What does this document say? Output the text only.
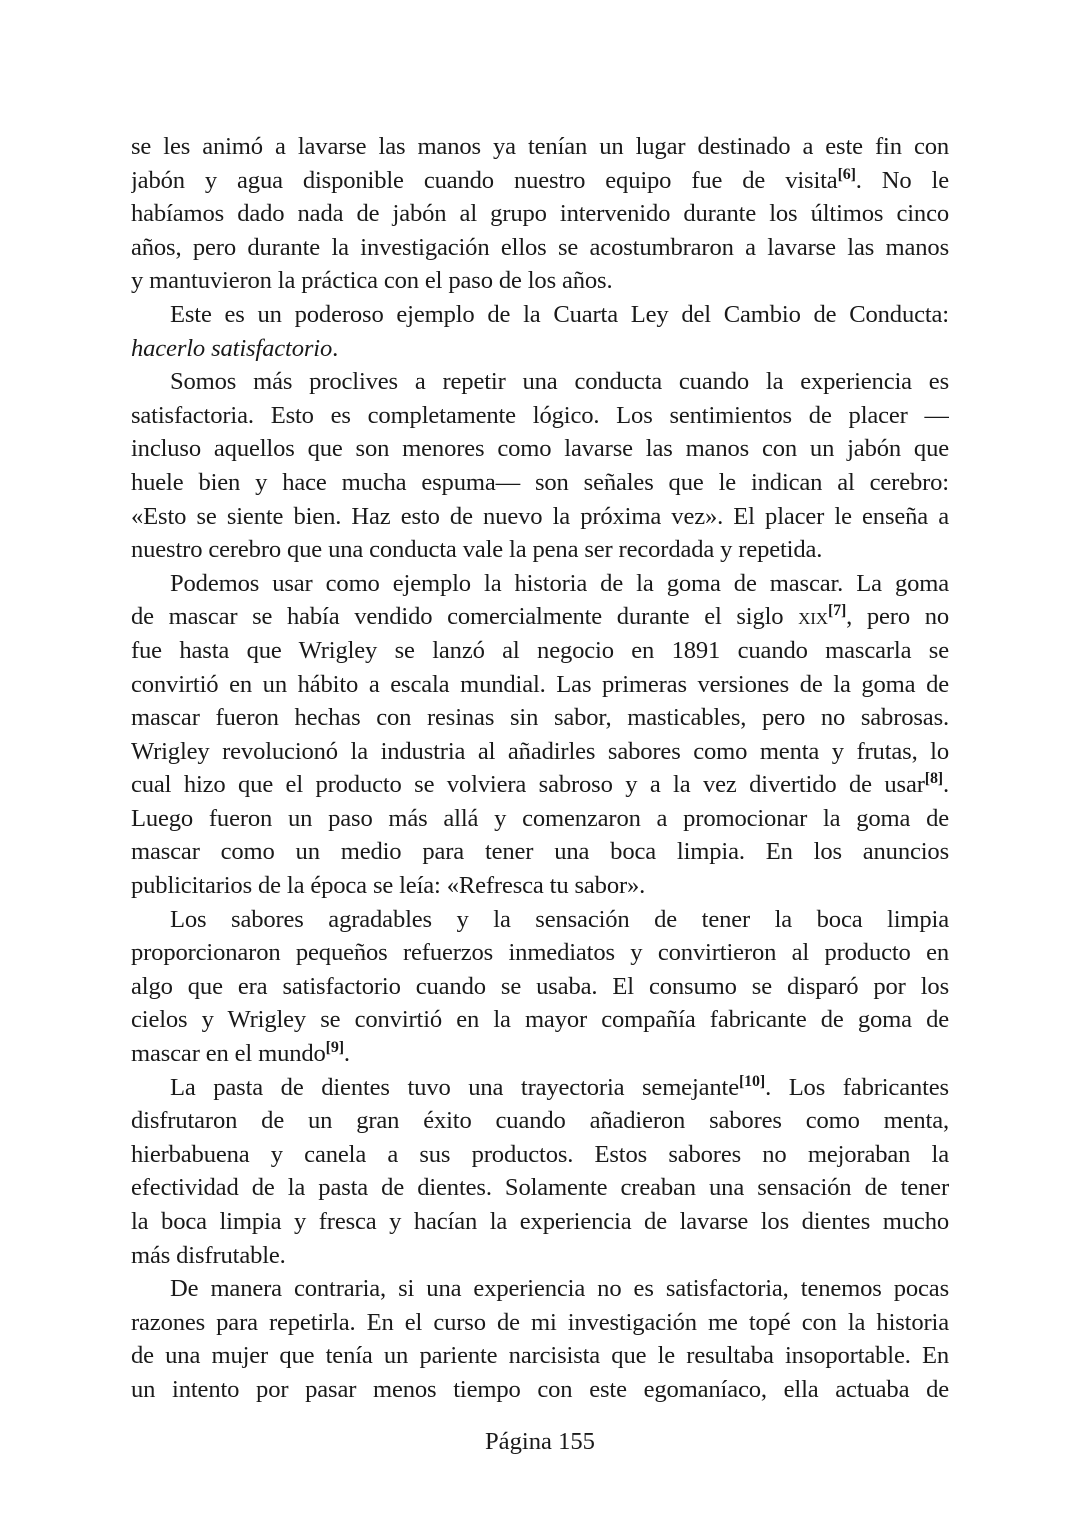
se les animó a lavarse las manos ya tenían un lugar destinado a este fin con
jabón y agua disponible cuando nuestro equipo fue de visita[6]. No le
habíamos dado nada de jabón al grupo intervenido durante los últimos cinco
años, pero durante la investigación ellos se acostumbraron a lavarse las manos
y mantuvieron la práctica con el paso de los años.
Este es un poderoso ejemplo de la Cuarta Ley del Cambio de Conducta:
hacerlo satisfactorio.
Somos más proclives a repetir una conducta cuando la experiencia es
satisfactoria. Esto es completamente lógico. Los sentimientos de placer —
incluso aquellos que son menores como lavarse las manos con un jabón que
huele bien y hace mucha espuma— son señales que le indican al cerebro:
«Esto se siente bien. Haz esto de nuevo la próxima vez». El placer le enseña a
nuestro cerebro que una conducta vale la pena ser recordada y repetida.
Podemos usar como ejemplo la historia de la goma de mascar. La goma
de mascar se había vendido comercialmente durante el siglo xix[7], pero no
fue hasta que Wrigley se lanzó al negocio en 1891 cuando mascarla se
convirtió en un hábito a escala mundial. Las primeras versiones de la goma de
mascar fueron hechas con resinas sin sabor, masticables, pero no sabrosas.
Wrigley revolucionó la industria al añadirles sabores como menta y frutas, lo
cual hizo que el producto se volviera sabroso y a la vez divertido de usar[8].
Luego fueron un paso más allá y comenzaron a promocionar la goma de
mascar como un medio para tener una boca limpia. En los anuncios
publicitarios de la época se leía: «Refresca tu sabor».
Los sabores agradables y la sensación de tener la boca limpia
proporcionaron pequeños refuerzos inmediatos y convirtieron al producto en
algo que era satisfactorio cuando se usaba. El consumo se disparó por los
cielos y Wrigley se convirtió en la mayor compañía fabricante de goma de
mascar en el mundo[9].
La pasta de dientes tuvo una trayectoria semejante[10]. Los fabricantes
disfrutaron de un gran éxito cuando añadieron sabores como menta,
hierbabuena y canela a sus productos. Estos sabores no mejoraban la
efectividad de la pasta de dientes. Solamente creaban una sensación de tener
la boca limpia y fresca y hacían la experiencia de lavarse los dientes mucho
más disfrutable.
De manera contraria, si una experiencia no es satisfactoria, tenemos pocas
razones para repetirla. En el curso de mi investigación me topé con la historia
de una mujer que tenía un pariente narcisista que le resultaba insoportable. En
un intento por pasar menos tiempo con este egomaníaco, ella actuaba de
Página 155
